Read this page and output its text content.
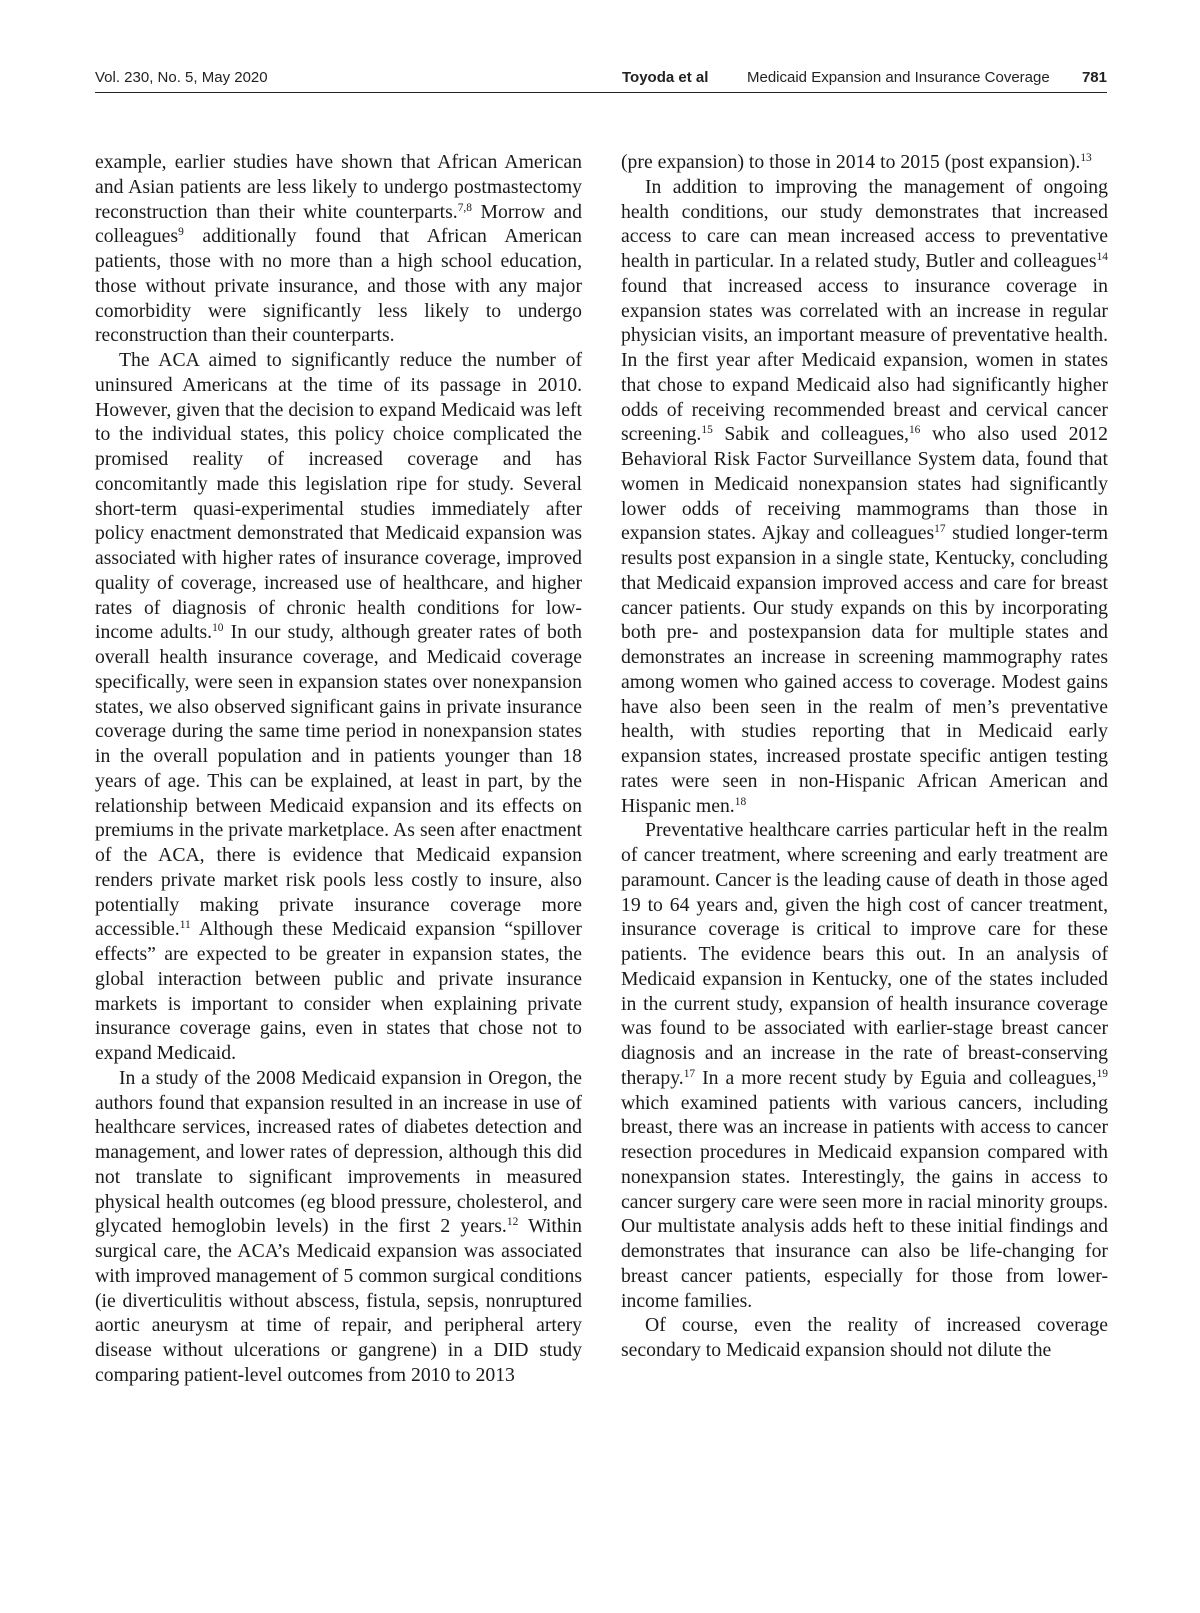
Vol. 230, No. 5, May 2020	Toyoda et al	Medicaid Expansion and Insurance Coverage 781

example, earlier studies have shown that African American and Asian patients are less likely to undergo postmastectomy reconstruction than their white counterparts.$^{7,8}$ Morrow and colleagues$^9$ additionally found that African American patients, those with no more than a high school education, those without private insurance, and those with any major comorbidity were significantly less likely to undergo reconstruction than their counterparts.

The ACA aimed to significantly reduce the number of uninsured Americans at the time of its passage in 2010. However, given that the decision to expand Medicaid was left to the individual states, this policy choice complicated the promised reality of increased coverage and has concomitantly made this legislation ripe for study. Several short-term quasi-experimental studies immediately after policy enactment demonstrated that Medicaid expansion was associated with higher rates of insurance coverage, improved quality of coverage, increased use of healthcare, and higher rates of diagnosis of chronic health conditions for low-income adults.$^{10}$ In our study, although greater rates of both overall health insurance coverage, and Medicaid coverage specifically, were seen in expansion states over nonexpansion states, we also observed significant gains in private insurance coverage during the same time period in nonexpansion states in the overall population and in patients younger than 18 years of age. This can be explained, at least in part, by the relationship between Medicaid expansion and its effects on premiums in the private marketplace. As seen after enactment of the ACA, there is evidence that Medicaid expansion renders private market risk pools less costly to insure, also potentially making private insurance coverage more accessible.$^{11}$ Although these Medicaid expansion “spillover effects” are expected to be greater in expansion states, the global interaction between public and private insurance markets is important to consider when explaining private insurance coverage gains, even in states that chose not to expand Medicaid.

In a study of the 2008 Medicaid expansion in Oregon, the authors found that expansion resulted in an increase in use of healthcare services, increased rates of diabetes detection and management, and lower rates of depression, although this did not translate to significant improvements in measured physical health outcomes (eg blood pressure, cholesterol, and glycated hemoglobin levels) in the first 2 years.$^{12}$ Within surgical care, the ACA’s Medicaid expansion was associated with improved management of 5 common surgical conditions (ie diverticulitis without abscess, fistula, sepsis, nonruptured aortic aneurysm at time of repair, and peripheral artery disease without ulcerations or gangrene) in a DID study comparing patient-level outcomes from 2010 to 2013

(pre expansion) to those in 2014 to 2015 (post expansion).$^{13}$

In addition to improving the management of ongoing health conditions, our study demonstrates that increased access to care can mean increased access to preventative health in particular. In a related study, Butler and colleagues$^{14}$ found that increased access to insurance coverage in expansion states was correlated with an increase in regular physician visits, an important measure of preventative health. In the first year after Medicaid expansion, women in states that chose to expand Medicaid also had significantly higher odds of receiving recommended breast and cervical cancer screening.$^{15}$ Sabik and colleagues,$^{16}$ who also used 2012 Behavioral Risk Factor Surveillance System data, found that women in Medicaid nonexpansion states had significantly lower odds of receiving mammograms than those in expansion states. Ajkay and colleagues$^{17}$ studied longer-term results post expansion in a single state, Kentucky, concluding that Medicaid expansion improved access and care for breast cancer patients. Our study expands on this by incorporating both pre- and postexpansion data for multiple states and demonstrates an increase in screening mammography rates among women who gained access to coverage. Modest gains have also been seen in the realm of men’s preventative health, with studies reporting that in Medicaid early expansion states, increased prostate specific antigen testing rates were seen in non-Hispanic African American and Hispanic men.$^{18}$

Preventative healthcare carries particular heft in the realm of cancer treatment, where screening and early treatment are paramount. Cancer is the leading cause of death in those aged 19 to 64 years and, given the high cost of cancer treatment, insurance coverage is critical to improve care for these patients. The evidence bears this out. In an analysis of Medicaid expansion in Kentucky, one of the states included in the current study, expansion of health insurance coverage was found to be associated with earlier-stage breast cancer diagnosis and an increase in the rate of breast-conserving therapy.$^{17}$ In a more recent study by Eguia and colleagues,$^{19}$ which examined patients with various cancers, including breast, there was an increase in patients with access to cancer resection procedures in Medicaid expansion compared with nonexpansion states. Interestingly, the gains in access to cancer surgery care were seen more in racial minority groups. Our multistate analysis adds heft to these initial findings and demonstrates that insurance can also be life-changing for breast cancer patients, especially for those from lower-income families.

Of course, even the reality of increased coverage secondary to Medicaid expansion should not dilute the
